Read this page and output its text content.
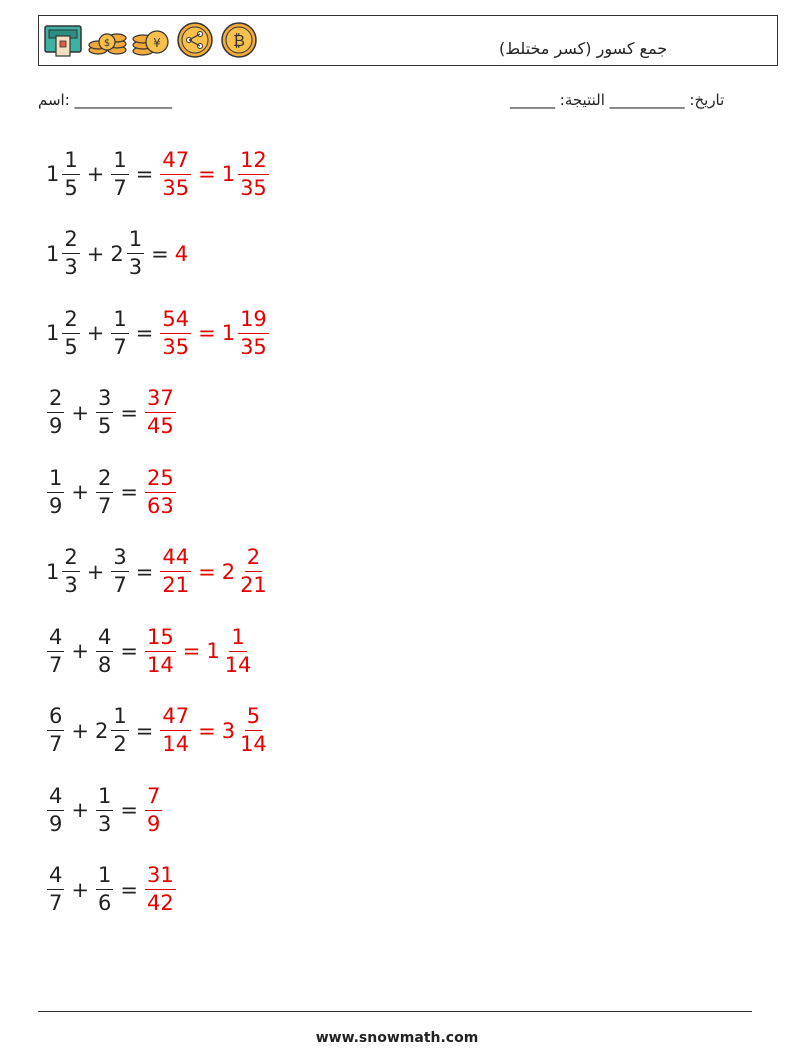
$	¥	₿	جمع كسور (كسر مختلط)
اسم: _____________	______ :تاريخ: __________ النتيجة
$1 \frac{1}{5} + \frac{1}{7} = \frac{47}{35} = 1 \frac{12}{35}$
$1 \frac{2}{3} + 2 \frac{1}{3} = 4$
$1 \frac{2}{5} + \frac{1}{7} = \frac{54}{35} = 1 \frac{19}{35}$
$\frac{2}{9} + \frac{3}{5} = \frac{37}{45}$
$\frac{1}{9} + \frac{2}{7} = \frac{25}{63}$
$1 \frac{2}{3} + \frac{3}{7} = \frac{44}{21} = 2 \frac{2}{21}$
$\frac{4}{7} + \frac{4}{8} = \frac{15}{14} = 1 \frac{1}{14}$
$\frac{6}{7} + 2 \frac{1}{2} = \frac{47}{14} = 3 \frac{5}{14}$
$\frac{4}{9} + \frac{1}{3} = \frac{7}{9}$
$\frac{4}{7} + \frac{1}{6} = \frac{31}{42}$
www.snowmath.com
